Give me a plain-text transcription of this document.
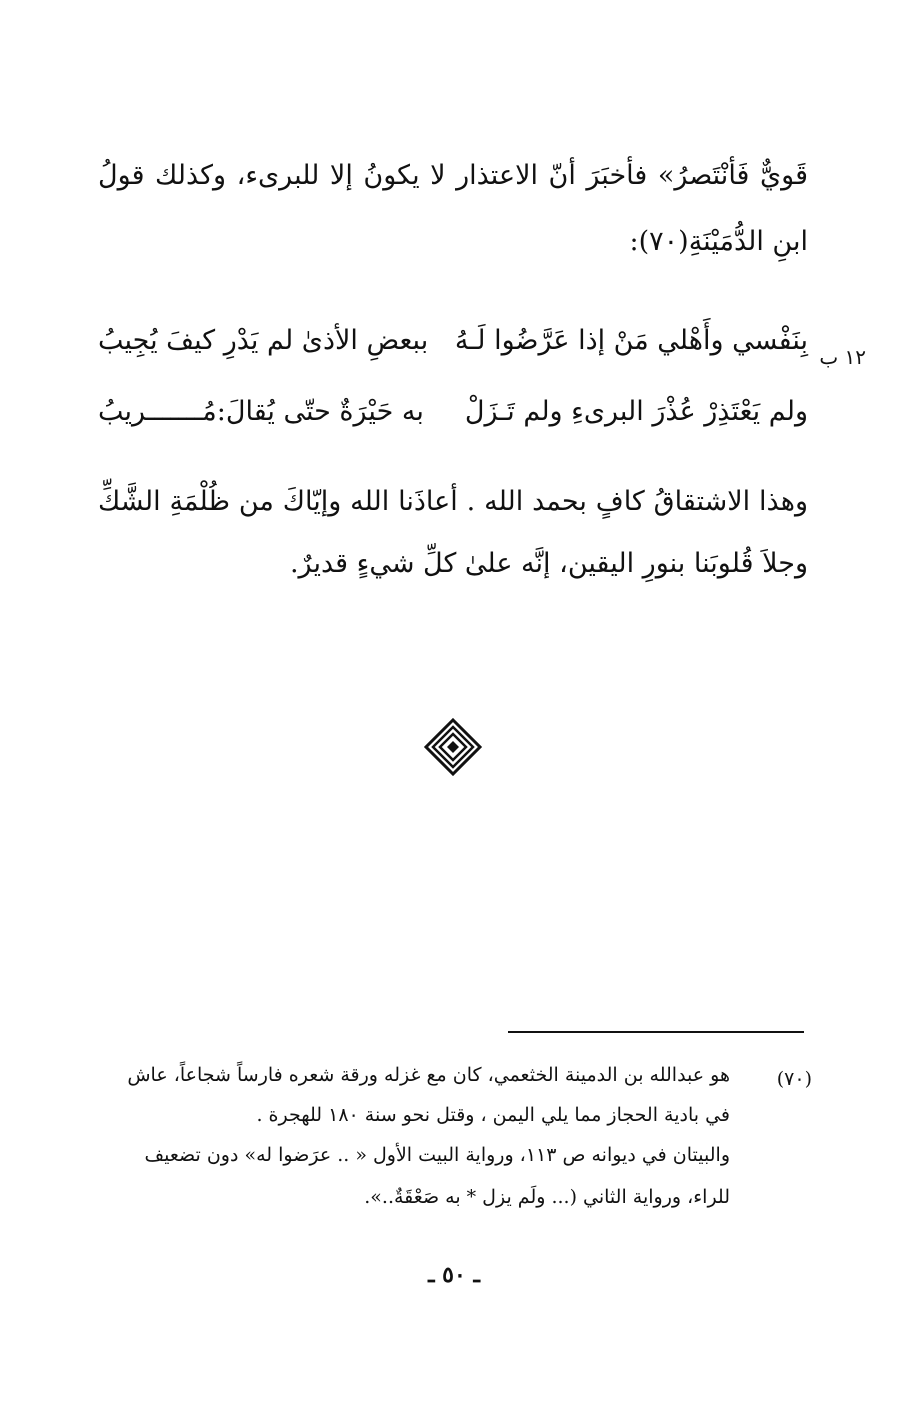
قَويٌّ فَأنْتَصرُ» فأخبَرَ أنّ الاعتذار لا يكونُ إلا للبرىء، وكذلك قولُ
ابنِ الدُّمَيْنَةِ(٧٠):
١٢ ب
بِنَفْسي وأَهْلي مَنْ إذا عَرَّضُوا لَـهُ
ببعضِ الأذىٰ لم يَدْرِ كيفَ يُجِيبُ
ولم يَعْتَذِرْ عُذْرَ البرىءِ ولم تَـزَلْ
به حَيْرَةٌ حتّى يُقالَ:مُـــــــريبُ
وهذا الاشتقاقُ كافٍ بحمد الله . أعاذَنا الله وإيّاكَ من ظُلْمَةِ الشَّكِّ
وجلاَ قُلوبَنا بنورِ اليقين، إنَّه علىٰ كلِّ شيءٍ قديرٌ.
(٧٠)
هو عبدالله بن الدمينة الخثعمي، كان مع غزله ورقة شعره فارساً شجاعاً، عاش
في بادية الحجاز مما يلي اليمن ، وقتل نحو سنة ١٨٠ للهجرة .
والبيتان في ديوانه ص ١١٣، ورواية البيت الأول « .. عرَضوا له» دون تضعيف
للراء، ورواية الثاني (... ولَم يزل * به صَعْقَةٌ..».
ـ ٥٠ ـ
